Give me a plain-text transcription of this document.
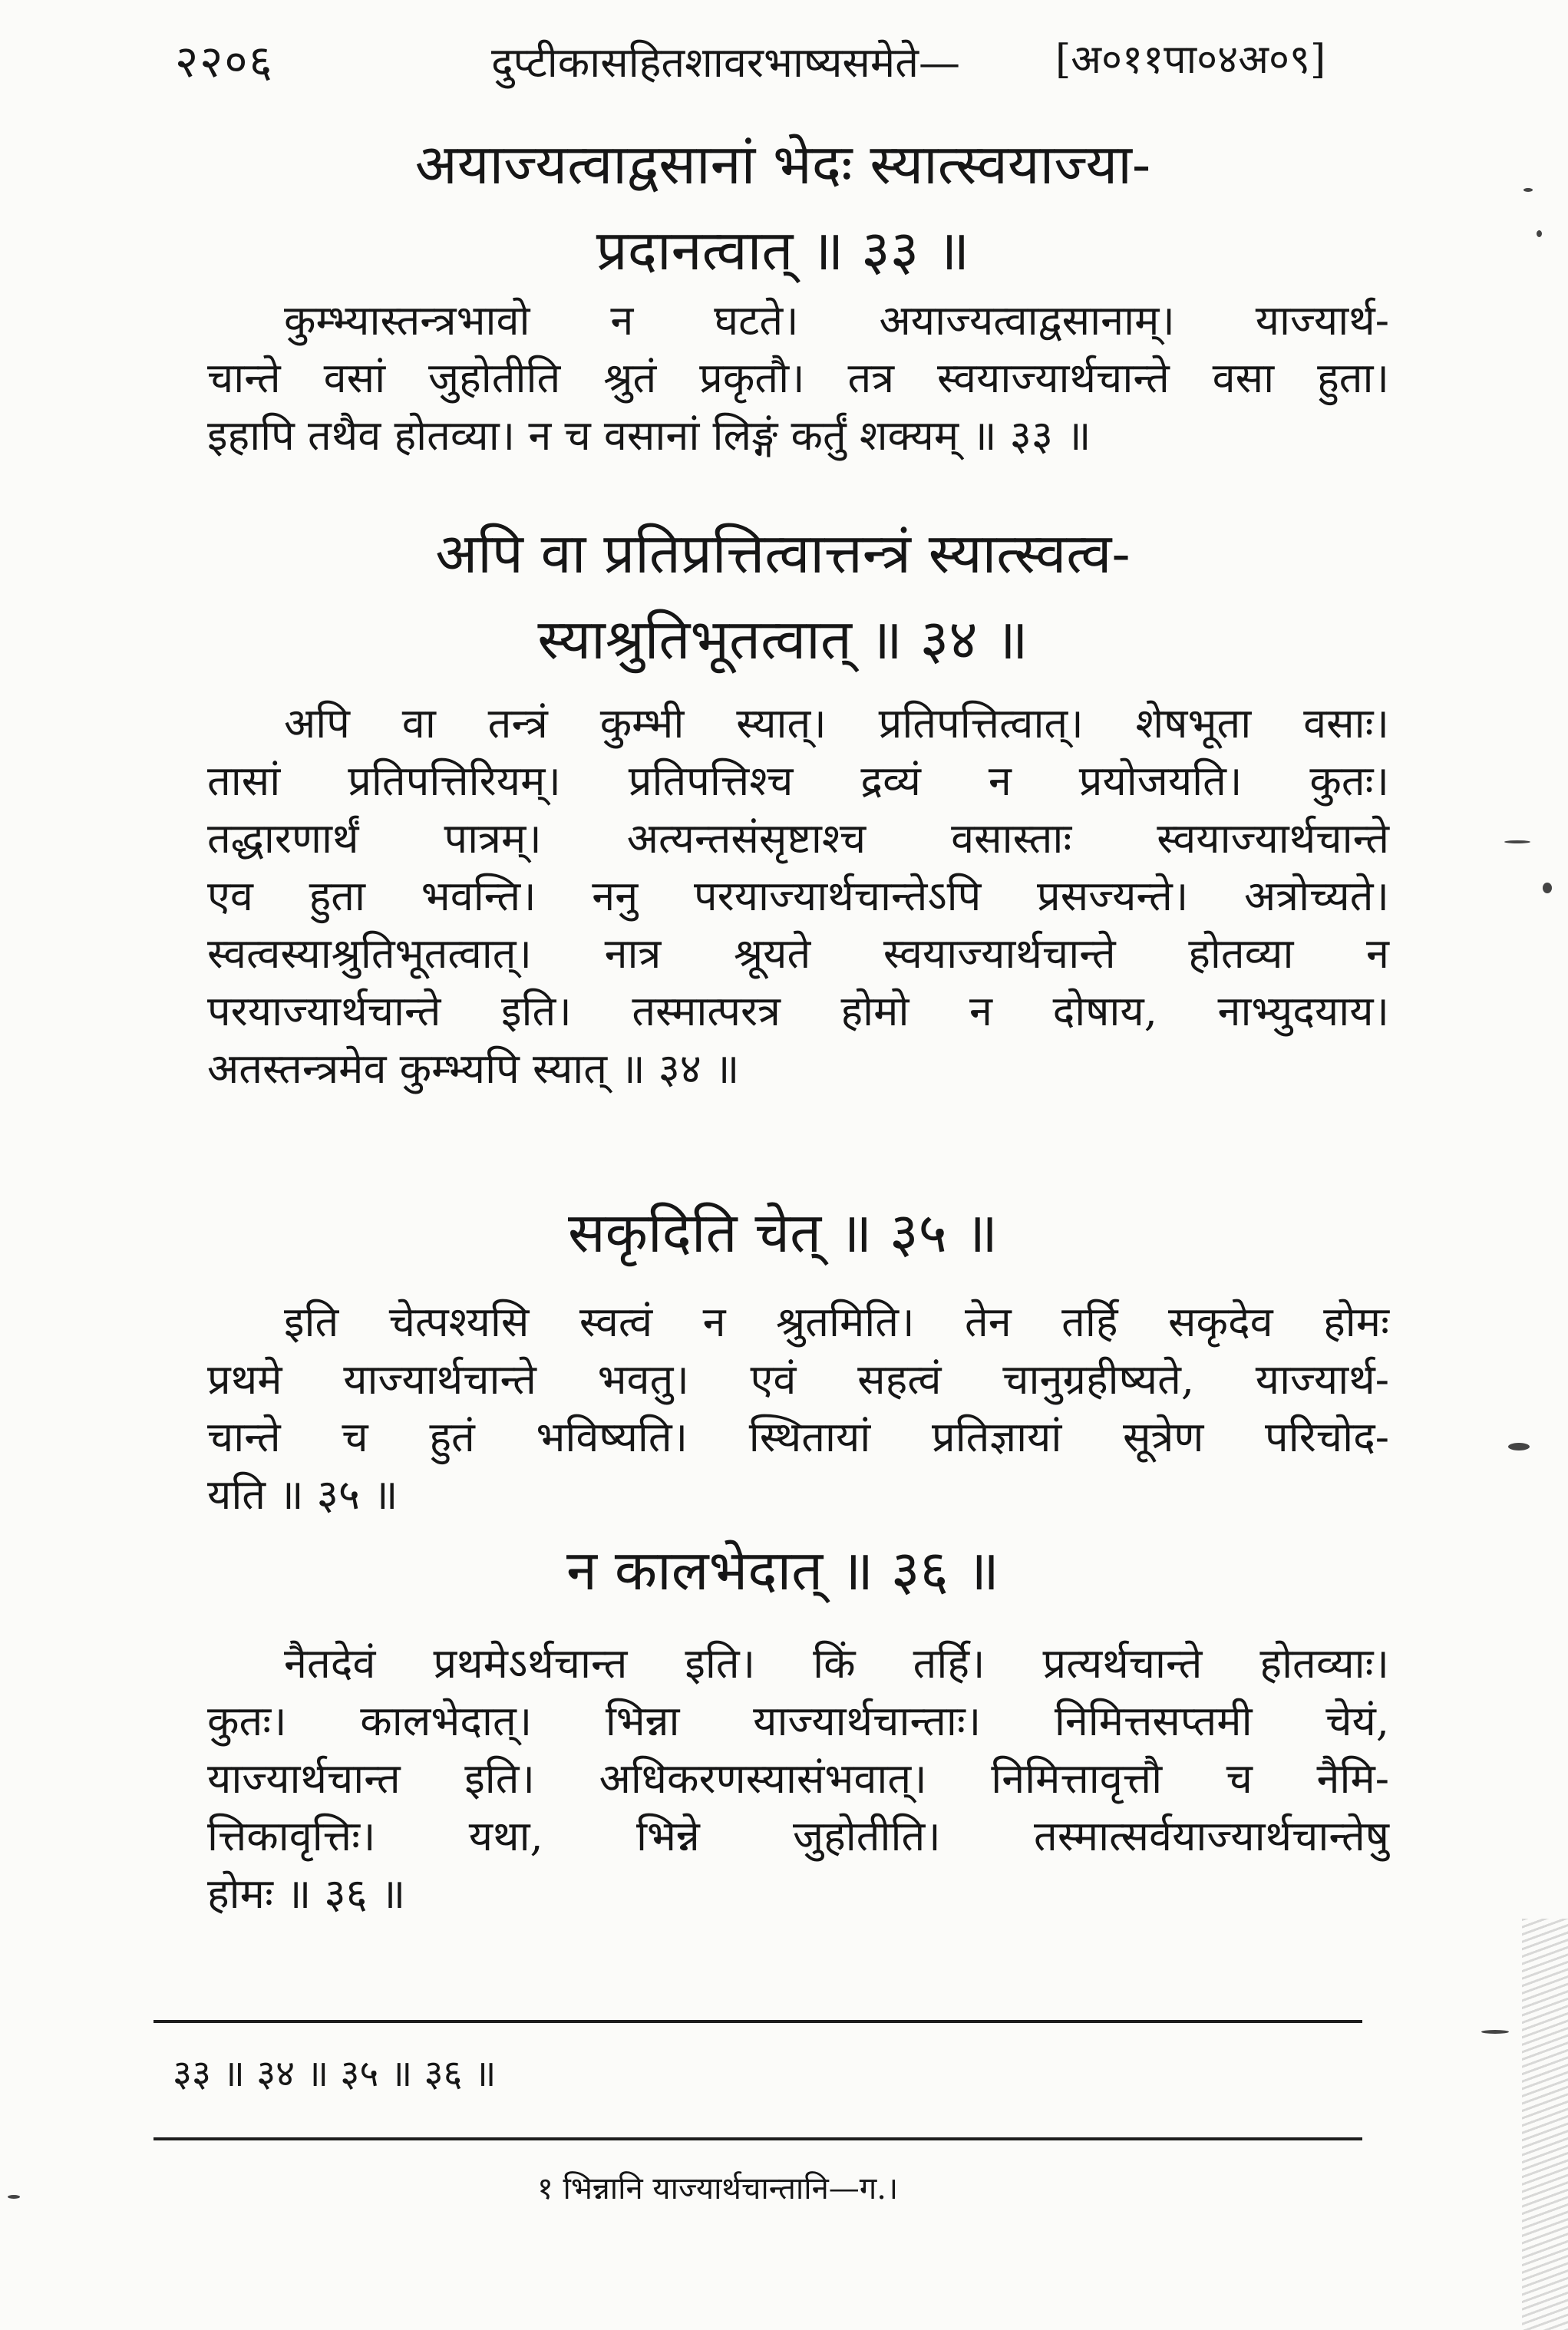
२२०६	दुप्टीकासहितशावरभाष्यसमेते— [अ०११पा०४अ०९]
अयाज्यत्वाद्वसानां भेदः स्यात्स्वयाज्या-
प्रदानत्वात् ॥ ३३ ॥
कुम्भ्यास्तन्त्रभावो न घटते। अयाज्यत्वाद्वसानाम्। याज्यार्थ-
चान्ते वसां जुहोतीति श्रुतं प्रकृतौ। तत्र स्वयाज्यार्थचान्ते वसा हुता।
इहापि तथैव होतव्या। न च वसानां लिङ्गं कर्तुं शक्यम् ॥ ३३ ॥
अपि वा प्रतिप्रत्तित्वात्तन्त्रं स्यात्स्वत्व-
स्याश्रुतिभूतत्वात् ॥ ३४ ॥
अपि वा तन्त्रं कुम्भी स्यात्। प्रतिपत्तित्वात्। शेषभूता वसाः।
तासां प्रतिपत्तिरियम्। प्रतिपत्तिश्च द्रव्यं न प्रयोजयति। कुतः।
तद्धारणार्थं पात्रम्। अत्यन्तसंसृष्टाश्च वसास्ताः स्वयाज्यार्थचान्ते
एव हुता भवन्ति। ननु परयाज्यार्थचान्तेऽपि प्रसज्यन्ते। अत्रोच्यते।
स्वत्वस्याश्रुतिभूतत्वात्। नात्र श्रूयते स्वयाज्यार्थचान्ते होतव्या न
परयाज्यार्थचान्ते इति। तस्मात्परत्र होमो न दोषाय, नाभ्युदयाय।
अतस्तन्त्रमेव कुम्भ्यपि स्यात् ॥ ३४ ॥
सकृदिति चेत् ॥ ३५ ॥
इति चेत्पश्यसि स्वत्वं न श्रुतमिति। तेन तर्हि सकृदेव होमः
प्रथमे याज्यार्थचान्ते भवतु। एवं सहत्वं चानुग्रहीष्यते, याज्यार्थ-
चान्ते च हुतं भविष्यति। स्थितायां प्रतिज्ञायां सूत्रेण परिचोद-
यति ॥ ३५ ॥
न कालभेदात् ॥ ३६ ॥
नैतदेवं प्रथमेऽर्थचान्त इति। किं तर्हि। प्रत्यर्थचान्ते होतव्याः।
कुतः। कालभेदात्। भिन्ना याज्यार्थचान्ताः। निमित्तसप्तमी चेयं,
याज्यार्थचान्त इति। अधिकरणस्यासंभवात्। निमित्तावृत्तौ च नैमि-
त्तिकावृत्तिः। यथा, भिन्ने जुहोतीति। तस्मात्सर्वयाज्यार्थचान्तेषु
होमः ॥ ३६ ॥
३३ ॥ ३४ ॥ ३५ ॥ ३६ ॥
१ भिन्नानि याज्यार्थचान्तानि—ग.।
